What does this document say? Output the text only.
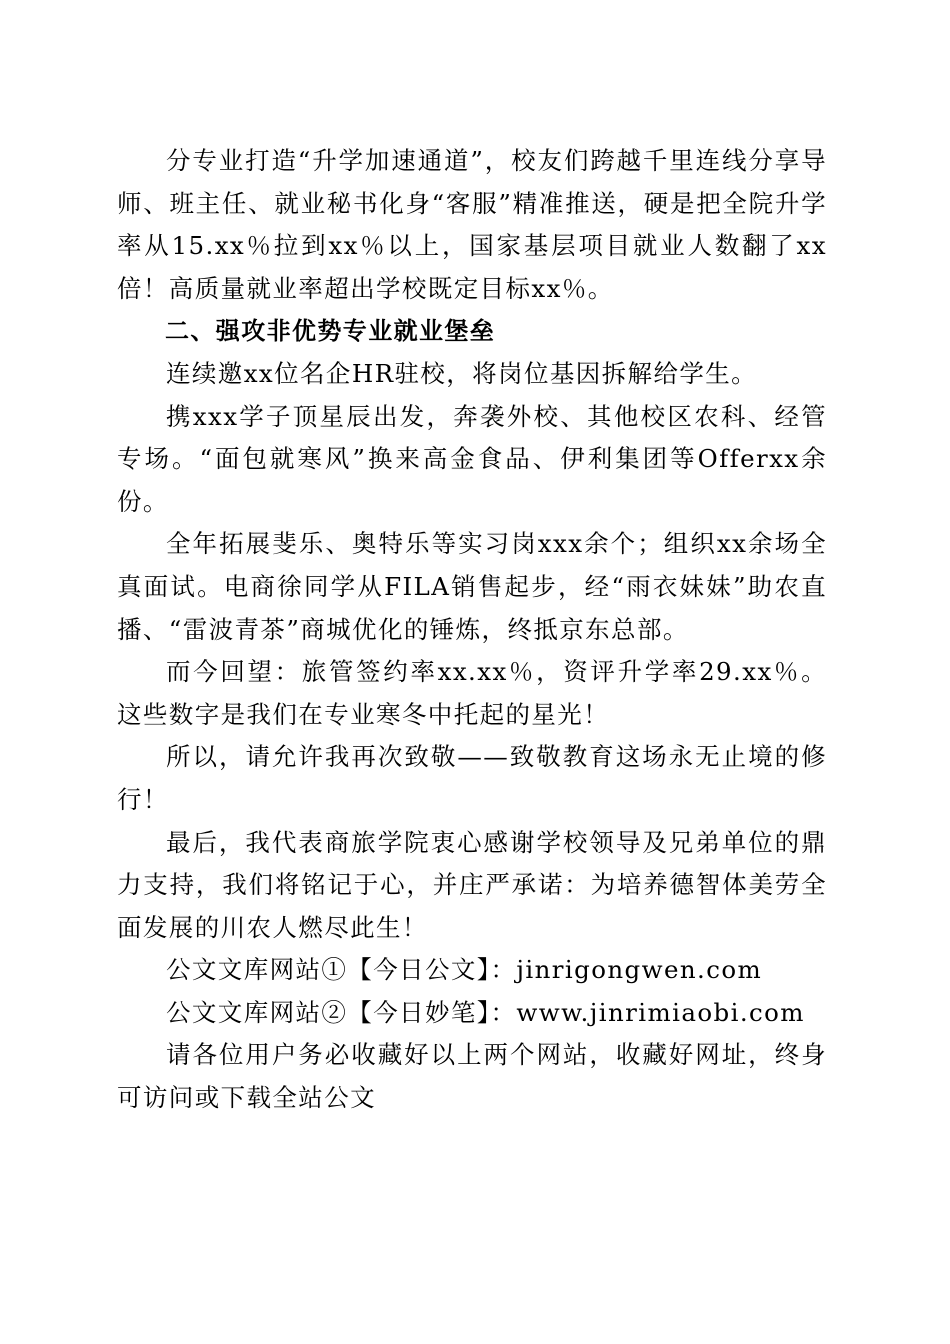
分专业打造“升学加速通道”，校友们跨越千里连线分享导师、班主任、就业秘书化身“客服”精准推送，硬是把全院升学率从15.xx％拉到xx％以上，国家基层项目就业人数翻了xx倍！高质量就业率超出学校既定目标xx％。

二、强攻非优势专业就业堡垒

连续邀xx位名企HR驻校，将岗位基因拆解给学生。

携xxx学子顶星辰出发，奔袭外校、其他校区农科、经管专场。“面包就寒风”换来高金食品、伊利集团等Offerxx余份。

全年拓展斐乐、奥特乐等实习岗xxx余个；组织xx余场全真面试。电商徐同学从FILA销售起步，经“雨衣妹妹”助农直播、“雷波青茶”商城优化的锤炼，终抵京东总部。

而今回望：旅管签约率xx.xx％，资评升学率29.xx％。这些数字是我们在专业寒冬中托起的星光！

所以，请允许我再次致敬——致敬教育这场永无止境的修行！

最后，我代表商旅学院衷心感谢学校领导及兄弟单位的鼎力支持，我们将铭记于心，并庄严承诺：为培养德智体美劳全面发展的川农人燃尽此生！

公文文库网站①【今日公文】：jinrigongwen.com

公文文库网站②【今日妙笔】：www.jinrimiaobi.com

请各位用户务必收藏好以上两个网站，收藏好网址，终身可访问或下载全站公文
